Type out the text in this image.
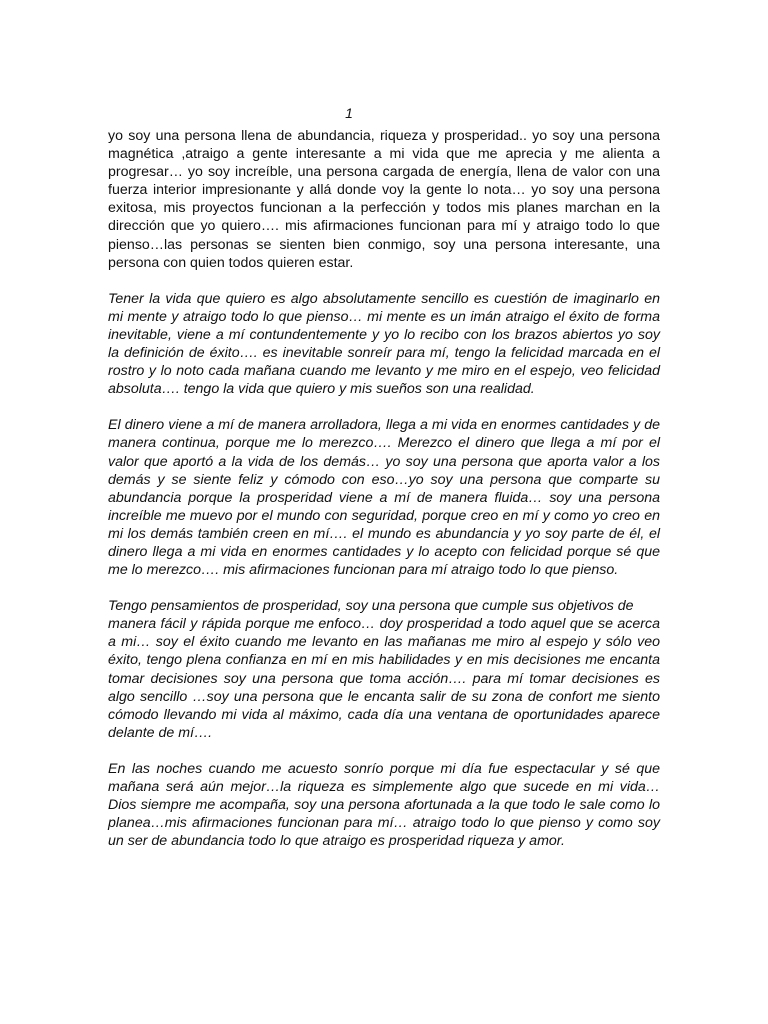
1

yo soy una persona llena de abundancia, riqueza y prosperidad.. yo soy una persona magnética ,atraigo a gente interesante a mi vida que me aprecia y me alienta a progresar… yo soy increíble, una persona cargada de energía, llena de valor con una fuerza interior impresionante y allá donde voy la gente lo nota… yo soy una persona exitosa, mis proyectos funcionan a la perfección y todos mis planes marchan en la dirección que yo quiero…. mis afirmaciones funcionan para mí y atraigo todo lo que pienso…las personas se sienten bien conmigo, soy una persona interesante, una persona con quien todos quieren estar.

Tener la vida que quiero es algo absolutamente sencillo es cuestión de imaginarlo en mi mente y atraigo todo lo que pienso… mi mente es un imán atraigo el éxito de forma inevitable, viene a mí contundentemente y yo lo recibo con los brazos abiertos yo soy la definición de éxito…. es inevitable sonreír para mí, tengo la felicidad marcada en el rostro y lo noto cada mañana cuando me levanto y me miro en el espejo, veo felicidad absoluta…. tengo la vida que quiero y mis sueños son una realidad.

El dinero viene a mí de manera arrolladora, llega a mi vida en enormes cantidades y de manera continua, porque me lo merezco…. Merezco el dinero que llega a mí por el valor que aportó a la vida de los demás… yo soy una persona que aporta valor a los demás y se siente feliz y cómodo con eso…yo soy una persona que comparte su abundancia porque la prosperidad viene a mí de manera fluida… soy una persona increíble me muevo por el mundo con seguridad, porque creo en mí y como yo creo en mi los demás también creen en mí…. el mundo es abundancia y yo soy parte de él, el dinero llega a mi vida en enormes cantidades y lo acepto con felicidad porque sé que me lo merezco…. mis afirmaciones funcionan para mí atraigo todo lo que pienso.

Tengo pensamientos de prosperidad, soy una persona que cumple sus objetivos de
manera fácil y rápida porque me enfoco… doy prosperidad a todo aquel que se acerca a mi… soy el éxito cuando me levanto en las mañanas me miro al espejo y sólo veo éxito, tengo plena confianza en mí en mis habilidades y en mis decisiones me encanta tomar decisiones soy una persona que toma acción…. para mí tomar decisiones es algo sencillo …soy una persona que le encanta salir de su zona de confort me siento cómodo llevando mi vida al máximo, cada día una ventana de oportunidades aparece delante de mí….

En las noches cuando me acuesto sonrío porque mi día fue espectacular y sé que mañana será aún mejor…la riqueza es simplemente algo que sucede en mi vida… Dios siempre me acompaña, soy una persona afortunada a la que todo le sale como lo planea…mis afirmaciones funcionan para mí… atraigo todo lo que pienso y como soy un ser de abundancia todo lo que atraigo es prosperidad riqueza y amor.
